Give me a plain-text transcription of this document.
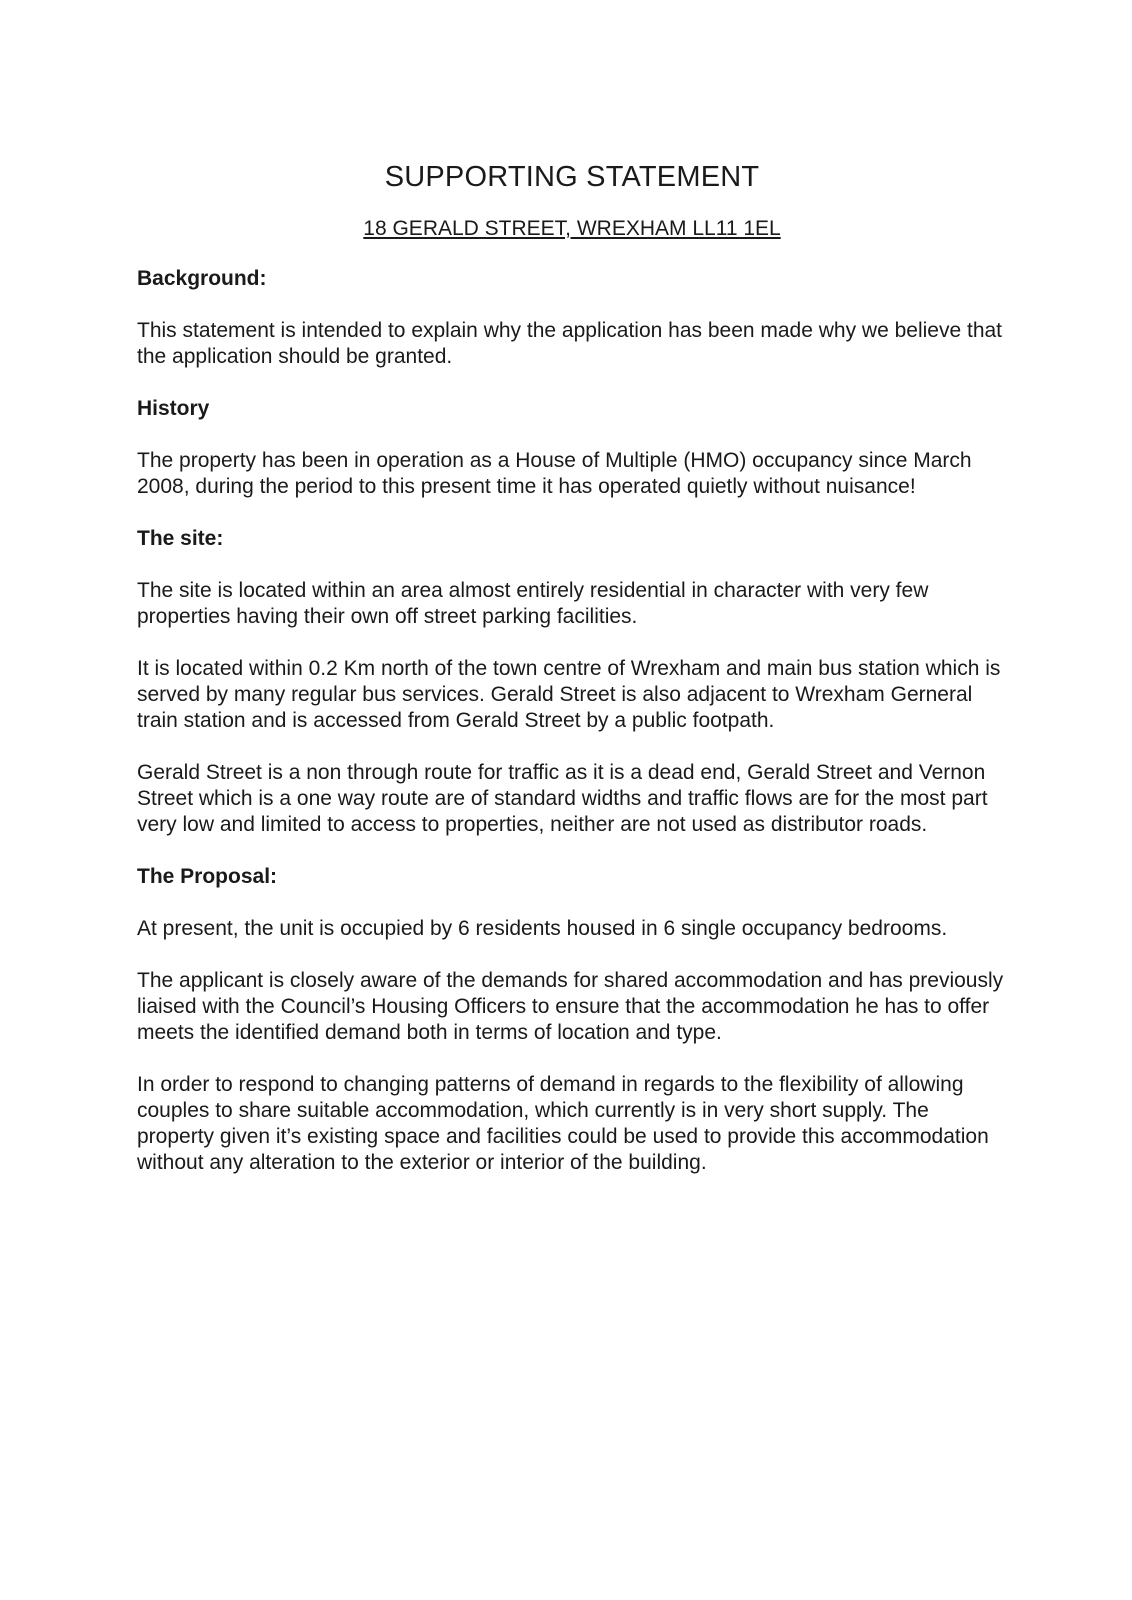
SUPPORTING STATEMENT

18 GERALD STREET, WREXHAM LL11 1EL

Background:

This statement is intended to explain why the application has been made why we believe that the application should be granted.

History

The property has been in operation as a House of Multiple (HMO) occupancy since March 2008, during the period to this present time it has operated quietly without nuisance!

The site:

The site is located within an area almost entirely residential in character with very few properties having their own off street parking facilities.

It is located within 0.2 Km north of the town centre of Wrexham and main bus station which is served by many regular bus services. Gerald Street is also adjacent to Wrexham Gerneral train station and is accessed from Gerald Street by a public footpath.

Gerald Street is a non through route for traffic as it is a dead end, Gerald Street and Vernon Street which is a one way route are of standard widths and traffic flows are for the most part very low and limited to access to properties, neither are not used as distributor roads.

The Proposal:

At present, the unit is occupied by 6 residents housed in 6 single occupancy bedrooms.

The applicant is closely aware of the demands for shared accommodation and has previously liaised with the Council’s Housing Officers to ensure that the accommodation he has to offer meets the identified demand both in terms of location and type.

In order to respond to changing patterns of demand in regards to the flexibility of allowing couples to share suitable accommodation, which currently is in very short supply. The property given it’s existing space and facilities could be used to provide this accommodation without any alteration to the exterior or interior of the building.
